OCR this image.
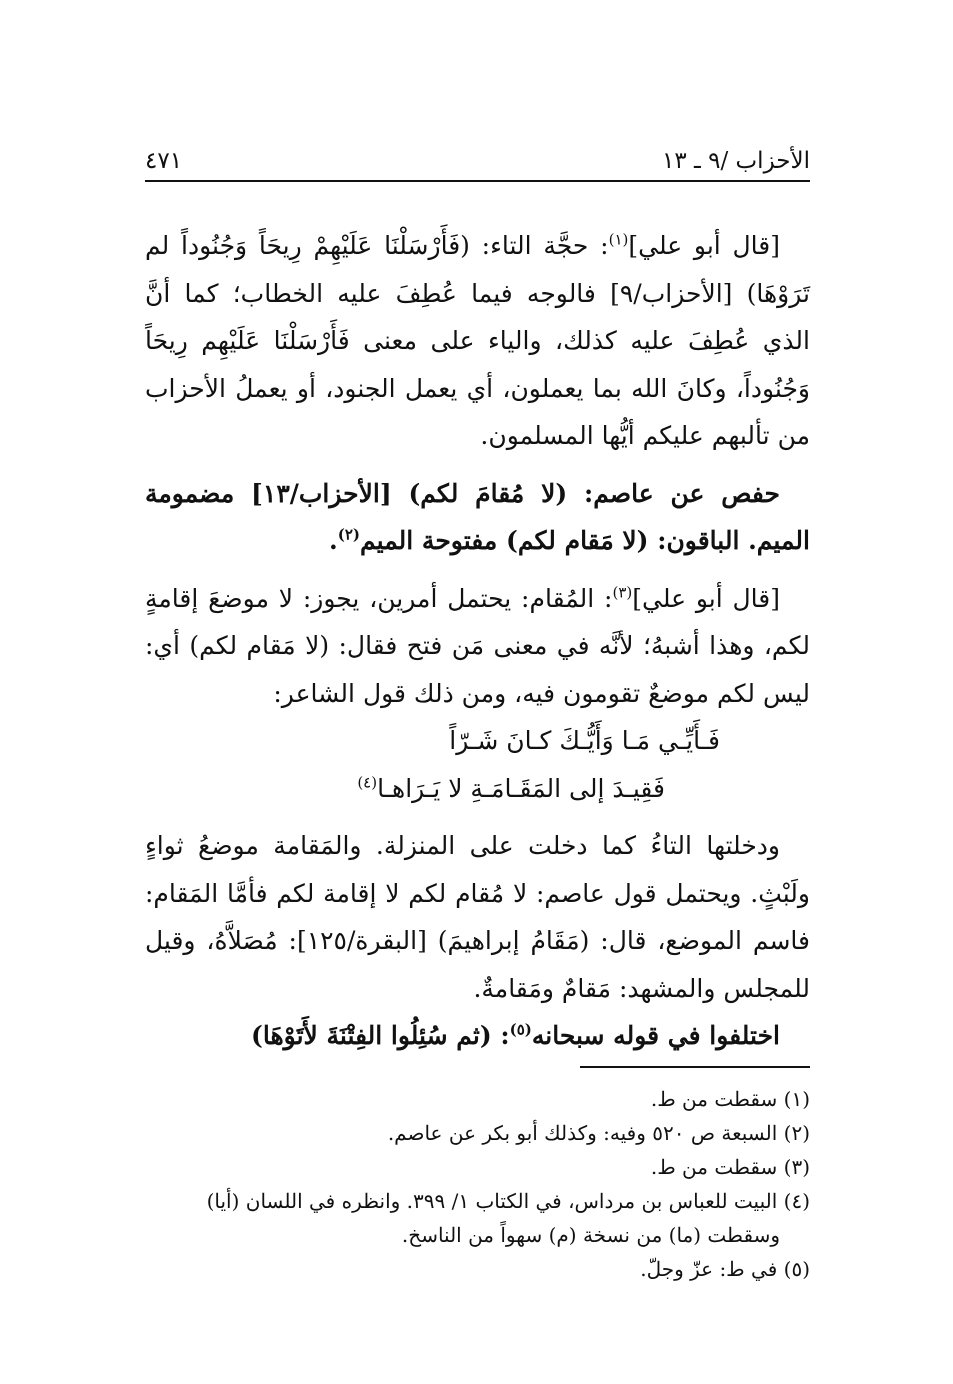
الأحزاب /٩ ـ ١٣
٤٧١

[قال أبو علي]$^{(١)}$: حجَّة التاء: (فَأَرْسَلْنَا عَلَيْهِمْ رِيحَاً وَجُنُوداً لم تَرَوْهَا) [الأحزاب/٩] فالوجه فيما عُطِفَ عليه الخطاب؛ كما أنَّ الذي عُطِفَ عليه كذلك، والياء على معنى فَأَرْسَلْنَا عَلَيْهِم رِيحَاً وَجُنُوداً، وكانَ الله بما يعملون، أي يعمل الجنود، أو يعملُ الأحزاب من تألبهم عليكم أيُّها المسلمون.

حفص عن عاصم: (لا مُقامَ لكم) [الأحزاب/١٣] مضمومة الميم. الباقون: (لا مَقام لكم) مفتوحة الميم$^{(٢)}$.

[قال أبو علي]$^{(٣)}$: المُقام: يحتمل أمرين، يجوز: لا موضعَ إقامةٍ لكم، وهذا أشبهُ؛ لأنَّه في معنى مَن فتح فقال: (لا مَقام لكم) أي: ليس لكم موضعٌ تقومون فيه، ومن ذلك قول الشاعر:

فَـأَيِّـي مَـا وَأَيُّـكَ كـانَ شَـرّاً

فَقِيـدَ إلى المَقَـامَـةِ لا يَـرَاهـا$^{(٤)}$

ودخلتها التاءُ كما دخلت على المنزلة. والمَقامة موضعُ ثواءٍ ولَبْثٍ. ويحتمل قول عاصم: لا مُقام لكم لا إقامة لكم فأمَّا المَقام: فاسم الموضع، قال: (مَقَامُ إبراهيمَ) [البقرة/١٢٥]: مُصَلاَّهُ، وقيل للمجلس والمشهد: مَقامٌ ومَقامةٌ.

اختلفوا في قوله سبحانه$^{(٥)}$: (ثم سُئِلُوا الفِتْنَةَ لأَتَوْهَا)

(١) سقطت من ط.

(٢) السبعة ص ٥٢٠ وفيه: وكذلك أبو بكر عن عاصم.

(٣) سقطت من ط.

(٤) البيت للعباس بن مرداس، في الكتاب ١/ ٣٩٩. وانظره في اللسان (أيا)

وسقطت (ما) من نسخة (م) سهواً من الناسخ.

(٥) في ط: عزّ وجلّ.
